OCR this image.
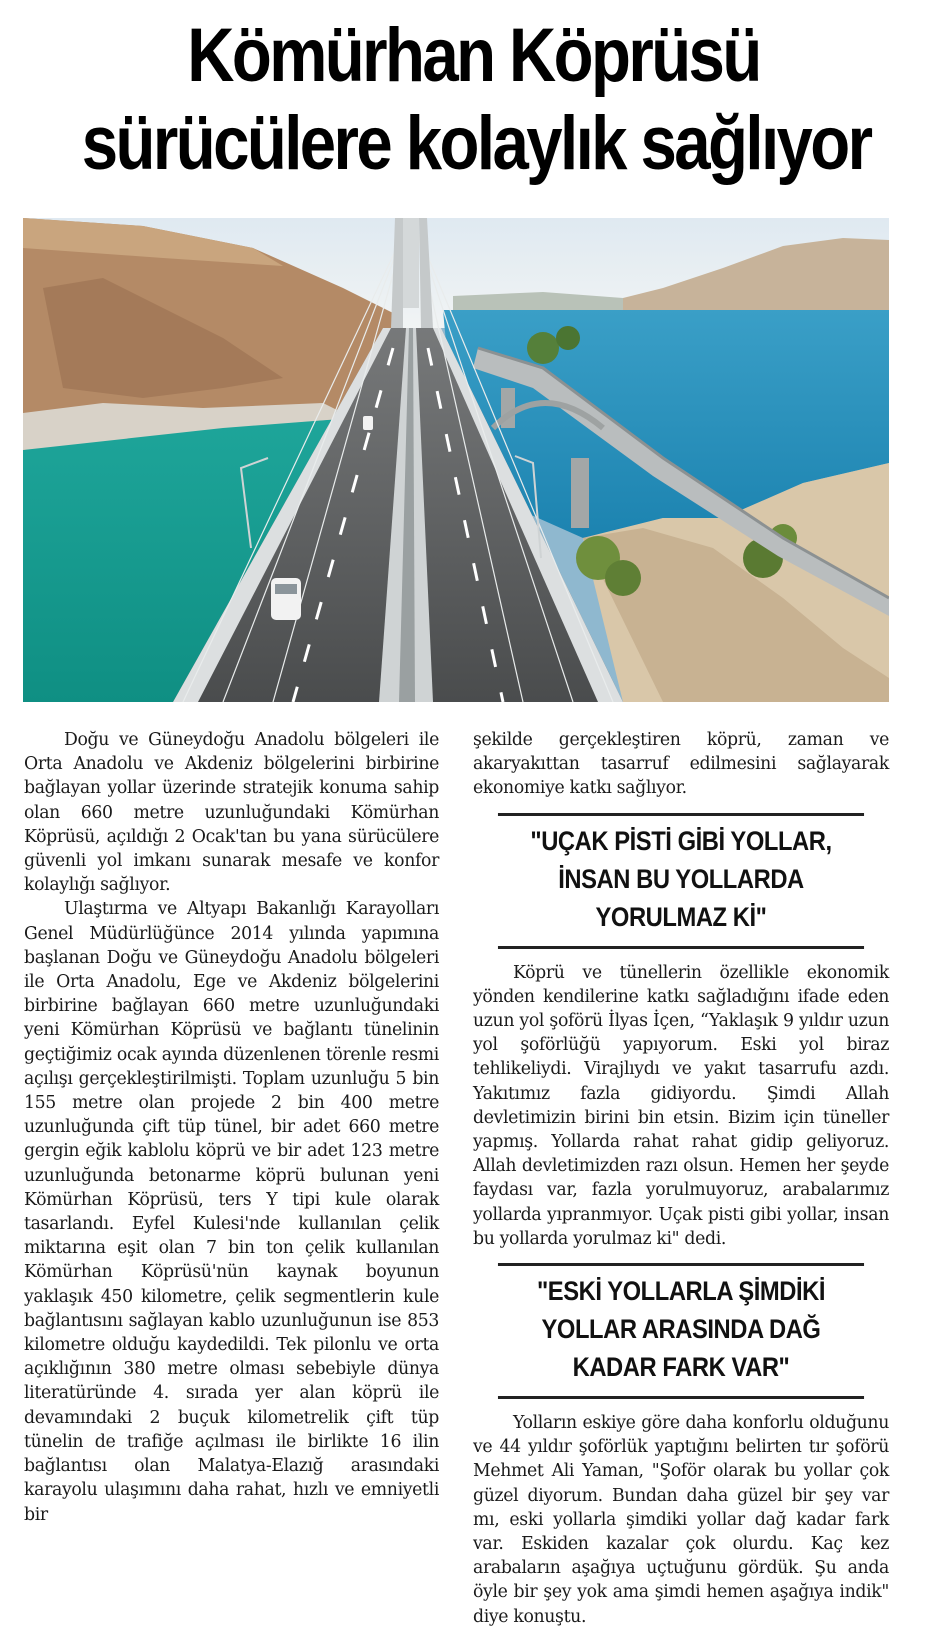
Kömürhan Köprüsü
sürücülere kolaylık sağlıyor

Doğu ve Güneydoğu Anadolu bölgeleri ile Orta Anadolu ve Akdeniz bölgelerini birbirine bağlayan yollar üzerinde stratejik konuma sahip olan 660 metre uzunluğundaki Kömürhan Köprüsü, açıldığı 2 Ocak'tan bu yana sürücülere güvenli yol imkanı sunarak mesafe ve konfor kolaylığı sağlıyor.

Ulaştırma ve Altyapı Bakanlığı Karayolları Genel Müdürlüğünce 2014 yılında yapımına başlanan Doğu ve Güneydoğu Anadolu bölgeleri ile Orta Anadolu, Ege ve Akdeniz bölgelerini birbirine bağlayan 660 metre uzunluğundaki yeni Kömürhan Köprüsü ve bağlantı tünelinin geçtiğimiz ocak ayında düzenlenen törenle resmi açılışı gerçekleştirilmişti. Toplam uzunluğu 5 bin 155 metre olan projede 2 bin 400 metre uzunluğunda çift tüp tünel, bir adet 660 metre gergin eğik kablolu köprü ve bir adet 123 metre uzunluğunda betonarme köprü bulunan yeni Kömürhan Köprüsü, ters Y tipi kule olarak tasarlandı. Eyfel Kulesi'nde kullanılan çelik miktarına eşit olan 7 bin ton çelik kullanılan Kömürhan Köprüsü'nün kaynak boyunun yaklaşık 450 kilometre, çelik segmentlerin kule bağlantısını sağlayan kablo uzunluğunun ise 853 kilometre olduğu kaydedildi. Tek pilonlu ve orta açıklığının 380 metre olması sebebiyle dünya literatüründe 4. sırada yer alan köprü ile devamındaki 2 buçuk kilometrelik çift tüp tünelin de trafiğe açılması ile birlikte 16 ilin bağlantısı olan Malatya-Elazığ arasındaki karayolu ulaşımını daha rahat, hızlı ve emniyetli bir

şekilde gerçekleştiren köprü, zaman ve akaryakıttan tasarruf edilmesini sağlayarak ekonomiye katkı sağlıyor.

"UÇAK PİSTİ GİBİ YOLLAR, İNSAN BU YOLLARDA YORULMAZ Kİ"

Köprü ve tünellerin özellikle ekonomik yönden kendilerine katkı sağladığını ifade eden uzun yol şoförü İlyas İçen, “Yaklaşık 9 yıldır uzun yol şoförlüğü yapıyorum. Eski yol biraz tehlikeliydi. Virajlıydı ve yakıt tasarrufu azdı. Yakıtımız fazla gidiyordu. Şimdi Allah devletimizin birini bin etsin. Bizim için tüneller yapmış. Yollarda rahat rahat gidip geliyoruz. Allah devletimizden razı olsun. Hemen her şeyde faydası var, fazla yorulmuyoruz, arabalarımız yollarda yıpranmıyor. Uçak pisti gibi yollar, insan bu yollarda yorulmaz ki" dedi.

"ESKİ YOLLARLA ŞİMDİKİ YOLLAR ARASINDA DAĞ KADAR FARK VAR"

Yolların eskiye göre daha konforlu olduğunu ve 44 yıldır şoförlük yaptığını belirten tır şoförü Mehmet Ali Yaman, "Şoför olarak bu yollar çok güzel diyorum. Bundan daha güzel bir şey var mı, eski yollarla şimdiki yollar dağ kadar fark var. Eskiden kazalar çok olurdu. Kaç kez arabaların aşağıya uçtuğunu gördük. Şu anda öyle bir şey yok ama şimdi hemen aşağıya indik" diye konuştu.
